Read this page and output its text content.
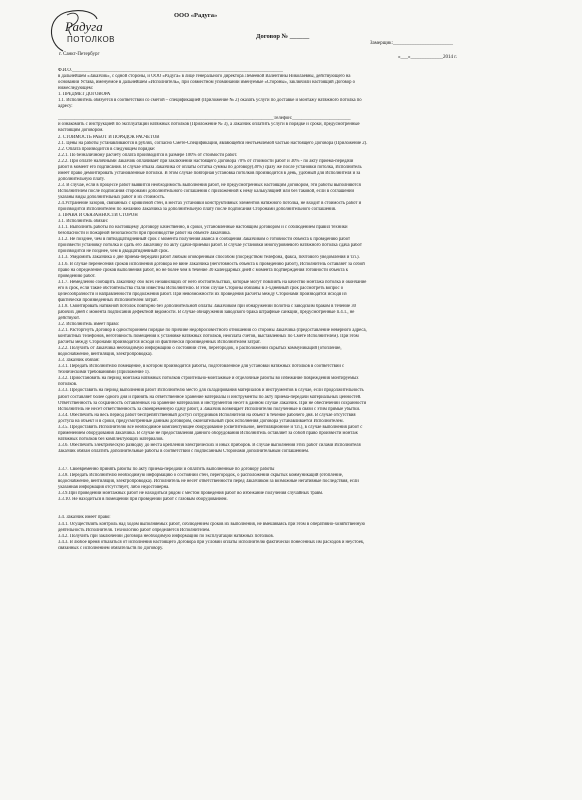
Радуга
ПОТОЛКОВ
ООО «Радуга»
Договор № ______
г. Санкт-Петербург
Замерщик:________________________
«___»_____________2014 г.

Ф.И.О.__________________________________________________________________________________________

в дальнейшем «Заказчик», с одной стороны, и ООО «Радуга» в лице генерального директора Лемеевой Валентины Николаевны, действующего на

основании Устава, именуемое в дальнейшем «Исполнитель», при совместном упоминании именуемые «Стороны», заключили настоящий Договор о

нижеследующем:

1. ПРЕДМЕТ ДОГОВОРА

1.1. Исполнитель обязуется в соответствии со сметой – спецификацией (Приложение № 2) оказать услуги по доставке и монтажу натяжного потолка по

адресу:

____________________________________________________________________________________________Телефон:_________________________

и ознакомить с инструкцией по эксплуатации натяжных потолков (Приложение № 3), а Заказчик оплатить услуги в порядке и сроки, предусмотренные

настоящим договором.

2. СТОИМОСТЬ РАБОТ И ПОРЯДОК РАСЧЕТОВ

2.1. Цены на работы устанавливаются в рублях, согласно Смете-Спецификации, являющейся неотъемлемой частью настоящего Договора (Приложение 2).

2.2. Оплата производится в следующем порядке:

2.2.1. По безналичному расчету оплата производится в размере 100% от стоимости работ.

2.2.2. При оплате наличными Заказчик оплачивает при заключении настоящего Договора 70% от стоимости работ и 30% - по акту приема-передачи

работ в момент его подписания. В случае отказа Заказчика от оплаты остатка суммы по договору(30%) сразу же после установки потолка, Исполнитель

имеет право демонтировать установленные потолки. В этом случае повторная установка потолков производится в день, удобный для Исполнителя и за

дополнительную плату.

2.3. В случае, если в процессе работ выявится необходимость выполнения работ, не предусмотренных настоящим договором, эти работы выполняются

Исполнителем после подписания сторонами дополнительного соглашения с приложенной к нему калькуляцией или без таковой, если в соглашении

указаны виды дополнительных работ и их стоимость.

2.4.Устранение зазоров, связанных с кривизной стен, в местах установки конструктивных элементов натяжного потолка, не входит в стоимость работ и

производится Исполнителем по желанию Заказчика за дополнительную плату после подписания Сторонами дополнительного соглашения.

3. ПРАВА И ОБЯЗАННОСТИ СТОРОН

3.1. Исполнитель обязан:

3.1.1. Выполнить работы по настоящему Договору качественно, в сроки, установленные настоящим договором и с соблюдением правил техники

безопасности и пожарной безопасности при производстве работ на объекте Заказчика.

3.1.2. Не позднее, чем в пятнадцатидневный срок с момента получения аванса и сообщения Заказчиком о готовности объекта к проведению работ

произвести установку потолка и сдать его Заказчику по акту сдачи-приемки работ. В случае установки многоуровневого натяжного потолка сдача работ

производится не позднее, чем в двадцатидневный срок.

3.1.3. Уведомить Заказчика о дне приема-передачи работ любым оговоренным способом (посредством телефона, факса, почтового уведомления и т.п.).

3.1.6. В случае перенесения сроков исполнения договора не вине Заказчика (неготовность объекта к проведению работ), Исполнитель оставляет за собой

право на определение сроков выполнения работ, но не более чем в течение 30 календарных дней с момента подтверждения готовности объекта к

проведению работ.

3.1.7. Немедленно сообщить Заказчику обо всех независящих от него обстоятельствах, которые могут повлиять на качество монтажа потолка и окончание

его в срок, если такие обстоятельства стали известны Исполнителю. В этом случае Стороны обязаны в 3-хдневный срок рассмотреть вопрос о

целесообразности и направленности продолжения работ. При невозможности их проведения расчеты между Сторонами производятся исходя из

фактически произведенных Исполнителем затрат.

3.1.8. Смонтировать натяжной потолок повторно без дополнительной оплаты Заказчиком при обнаружении полотна с заводским браком в течение 30

рабочих дней с момента подписания дефектной ведомости. В случае обнаружения заводского брака штрафные санкции, предусмотренные п.4.1., не

действуют.

3.2. Исполнитель имеет право:

3.2.1. Расторгнуть Договор в одностороннем порядке по причине недобросовестного отношения со стороны Заказчика (предоставление неверного адреса,

контактных телефонов, неготовность помещения к установке натяжных потолков, неоплата счетов, выставленных по Смете Исполнителем). При этом

расчеты между Сторонами производятся исходя из фактически произведенных Исполнителем затрат.

3.2.2. Получить от Заказчика необходимую информацию о состоянии стен, перегородок, о расположении скрытых коммуникаций (отопление,

водоснабжение, вентиляция, электропроводка).

3.3. Заказчик обязан:

3.3.1. Передать Исполнителю помещение, в котором производятся работы, подготовленное для установки натяжных потолков в соответствии с

техническими требованиями (Приложение 1).

3.3.2. Приостановить на период монтажа натяжных потолков строительно-монтажные и отделочные работы во избежание повреждения монтируемых

потолков.

3.3.3. Предоставить на период выполнения работ Исполнителю место для складирования материалов и инструментов в случае, если продолжительность

работ составляет более одного дня и принять на ответственное хранение материалы и инструменты по акту приема-передачи материальных ценностей.

Ответственность за сохранность оставленных на хранение материалов и инструментов несет в данном случае Заказчик. При не обеспечении сохранности

Исполнитель не несет ответственность за своевременную сдачу работ, а Заказчик возмещает Исполнителю полученные в связи с этим прямые убытки.

3.3.4. Обеспечить на весь период работ беспрепятственный доступ сотрудников Исполнителя на объект в течение рабочего дня. В случае отсутствия

доступа на объект и в сроки, предусмотренные данным договором, окончательный срок исполнения Договора устанавливается Исполнителем.

3.3.5. Предоставить Исполнителю все необходимое комплектующее оборудование (осветительное, вентиляционное и т.п.), в случае выполнения работ с

применением оборудования Заказчика. В случае не предоставления данного оборудования Исполнитель оставляет за собой право произвести монтаж

натяжных потолков без комплектующих материалов.

3.3.6. Обеспечить электрическую разводку до места крепления электрических и иных приборов. В случае выполнения этих работ силами Исполнителя

Заказчик обязан оплатить дополнительные работы в соответствии с подписанным Сторонами дополнительным соглашением.

3.3.7. Своевременно принять работы по акту приема-передачи и оплатить выполненные по договору работы

3.3.8. Передать Исполнителю необходимую информацию о состоянии стен, перегородок, о расположении скрытых коммуникаций (отопление,

водоснабжение, вентиляция, электропроводка). Исполнитель не несёт ответственности перед Заказчиком за возможные негативные последствия, если

указанная информация отсутствует, либо недостоверна.

3.3.9.При проведении монтажных работ не находиться рядом с местом проведения работ во избежание получения случайных травм.

3.3.10. Не находиться в помещении при проведении работ с газовым оборудованием.

3.4. Заказчик имеет право:

3.4.1. Осуществлять контроль над ходом выполняемых работ, соблюдением сроков их выполнения, не вмешиваясь при этом в оперативно-хозяйственную

деятельность Исполнителя. Технологию работ определяется Исполнителем.

3.4.2. Получить при заключении Договора необходимую информацию по эксплуатации натяжных потолков.

3.4.3. В любое время отказаться от исполнения настоящего Договора при условии оплаты исполнителю фактически понесенных им расходов и неустоек,

связанных с исполнением обязательств по Договору.
